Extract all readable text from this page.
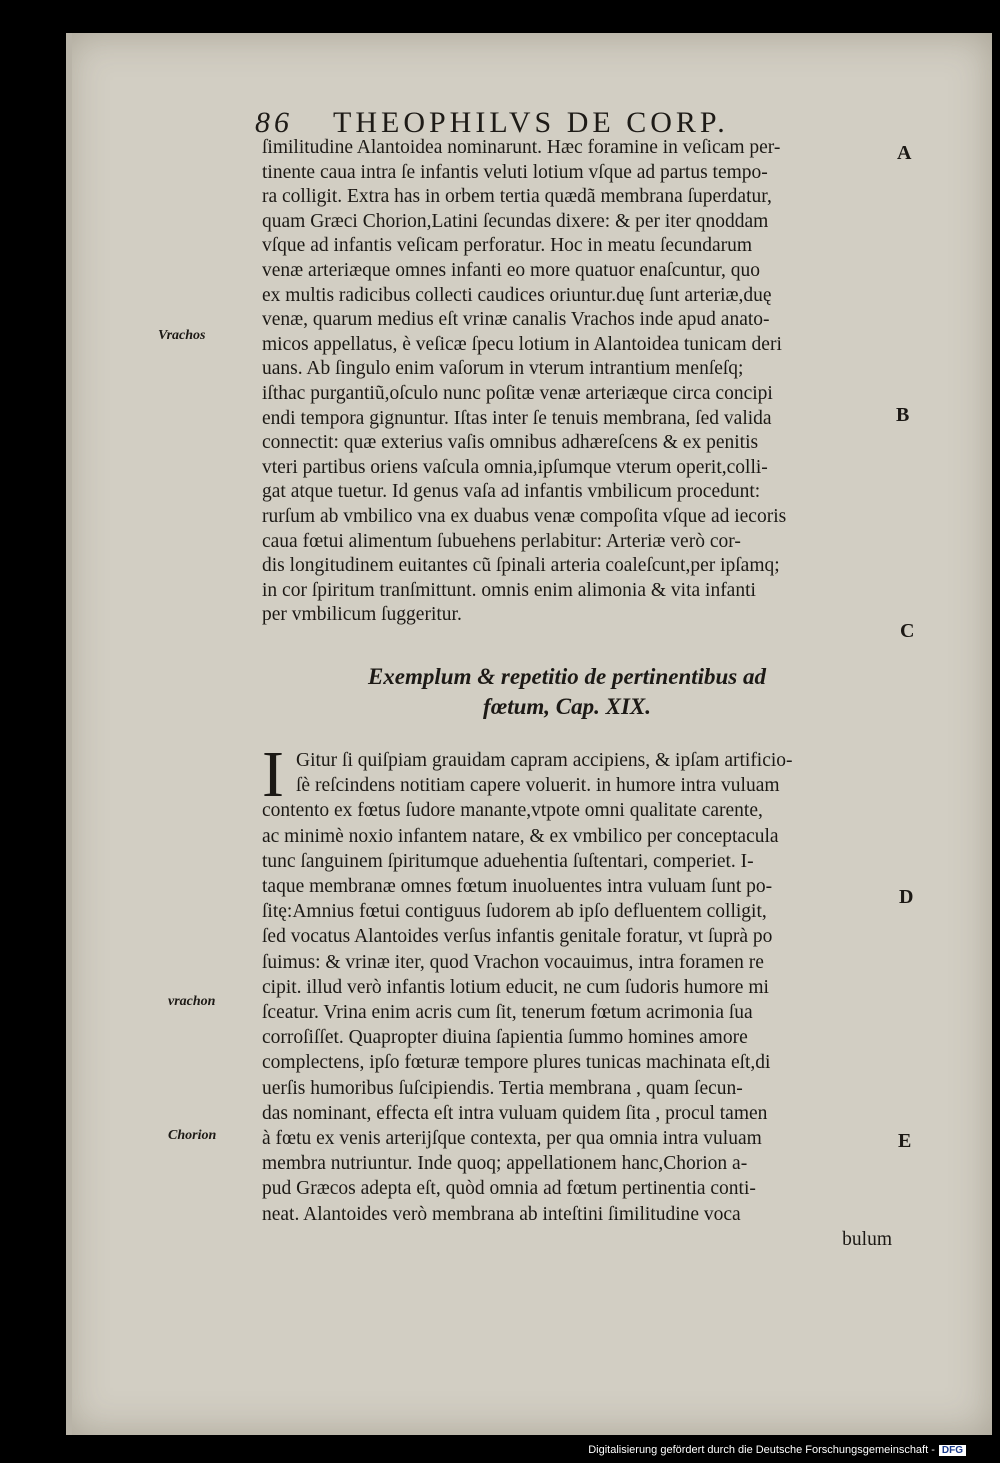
86 THEOPHILVS DE CORP.
ſimilitudine Alantoidea nominarunt. Hæc foramine in veſicam per-
tinente caua intra ſe infantis veluti lotium vſque ad partus tempo-
ra colligit. Extra has in orbem tertia quædã membrana ſuperdatur,
quam Græci Chorion,Latini ſecundas dixere: & per iter qnoddam
vſque ad infantis veſicam perforatur. Hoc in meatu ſecundarum
venæ arteriæque omnes infanti eo more quatuor enaſcuntur, quo
ex multis radicibus collecti caudices oriuntur.duę ſunt arteriæ,duę
venæ, quarum medius eſt vrinæ canalis Vrachos inde apud anato-
micos appellatus, è veſicæ ſpecu lotium in Alantoidea tunicam deri
uans. Ab ſingulo enim vaſorum in vterum intrantium menſeſq;
iſthac purgantiũ,oſculo nunc poſitæ venæ arteriæque circa concipi
endi tempora gignuntur. Iſtas inter ſe tenuis membrana, ſed valida
connectit: quæ exterius vaſis omnibus adhæreſcens & ex penitis
vteri partibus oriens vaſcula omnia,ipſumque vterum operit,colli-
gat atque tuetur. Id genus vaſa ad infantis vmbilicum procedunt:
rurſum ab vmbilico vna ex duabus venæ compoſita vſque ad iecoris
caua fœtui alimentum ſubuehens perlabitur: Arteriæ verò cor-
dis longitudinem euitantes cũ ſpinali arteria coaleſcunt,per ipſamq;
in cor ſpiritum tranſmittunt. omnis enim alimonia & vita infanti
per vmbilicum ſuggeritur.
Exemplum & repetitio de pertinentibus ad
fœtum, Cap. XIX.
I Gitur ſi quiſpiam grauidam capram accipiens, & ipſam artificio-
ſè reſcindens notitiam capere voluerit. in humore intra vuluam
contento ex fœtus ſudore manante,vtpote omni qualitate carente,
ac minimè noxio infantem natare, & ex vmbilico per conceptacula
tunc ſanguinem ſpiritumque aduehentia ſuſtentari, comperiet. I-
taque membranæ omnes fœtum inuoluentes intra vuluam ſunt po-
ſitę:Amnius fœtui contiguus ſudorem ab ipſo defluentem colligit,
ſed vocatus Alantoides verſus infantis genitale foratur, vt ſuprà po
ſuimus: & vrinæ iter, quod Vrachon vocauimus, intra foramen re
cipit. illud verò infantis lotium educit, ne cum ſudoris humore mi
ſceatur. Vrina enim acris cum ſit, tenerum fœtum acrimonia ſua
corroſiſſet. Quapropter diuina ſapientia ſummo homines amore
complectens, ipſo fœturæ tempore plures tunicas machinata eſt,di
uerſis humoribus ſuſcipiendis. Tertia membrana , quam ſecun-
das nominant, effecta eſt intra vuluam quidem ſita , procul tamen
à fœtu ex venis arterijſque contexta, per qua omnia intra vuluam
membra nutriuntur. Inde quoq; appellationem hanc,Chorion a-
pud Græcos adepta eſt, quòd omnia ad fœtum pertinentia conti-
neat. Alantoides verò membrana ab inteſtini ſimilitudine voca
bulum
Vrachos
vrachon
Chorion
A
B
C
D
E
Digitalisierung gefördert durch die Deutsche Forschungsgemeinschaft - DFG
